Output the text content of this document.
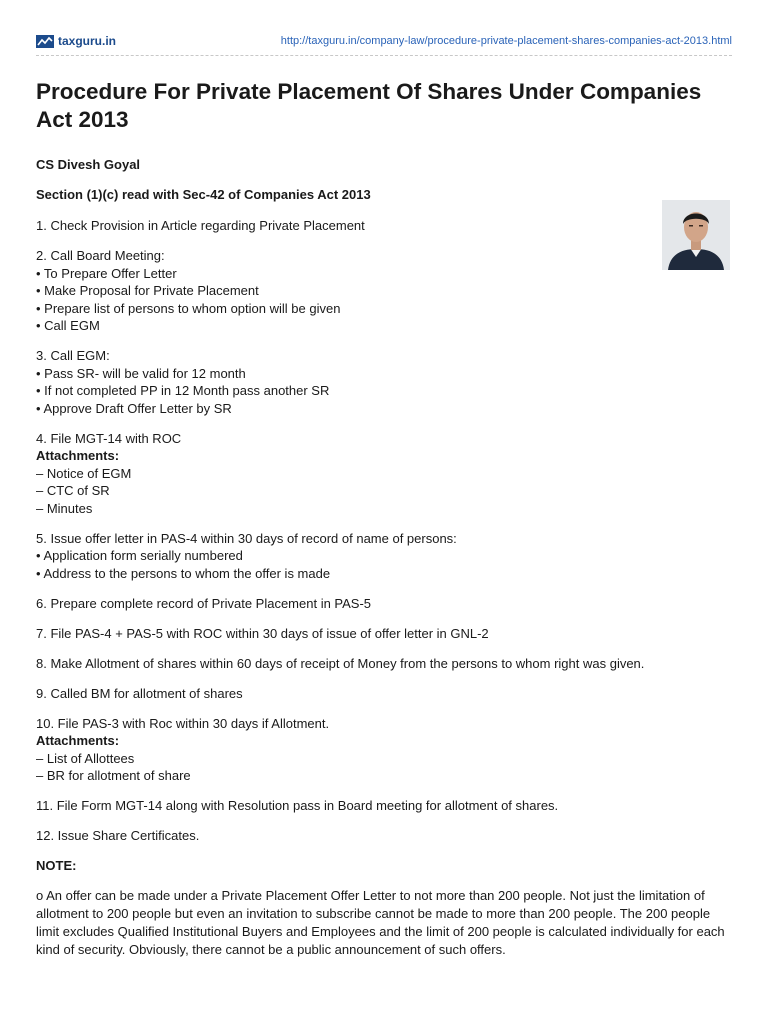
taxguru.in	http://taxguru.in/company-law/procedure-private-placement-shares-companies-act-2013.html
Procedure For Private Placement Of Shares Under Companies Act 2013
CS Divesh Goyal
Section (1)(c) read with Sec-42 of Companies Act 2013

1. Check Provision in Article regarding Private Placement

2. Call Board Meeting:
• To Prepare Offer Letter
• Make Proposal for Private Placement
• Prepare list of persons to whom option will be given
• Call EGM

3. Call EGM:
• Pass SR- will be valid for 12 month
• If not completed PP in 12 Month pass another SR
• Approve Draft Offer Letter by SR

4. File MGT-14 with ROC
Attachments:
– Notice of EGM
– CTC of SR
– Minutes

5. Issue offer letter in PAS-4 within 30 days of record of name of persons:
• Application form serially numbered
• Address to the persons to whom the offer is made

6. Prepare complete record of Private Placement in PAS-5

7. File PAS-4 + PAS-5 with ROC within 30 days of issue of offer letter in GNL-2

8. Make Allotment of shares within 60 days of receipt of Money from the persons to whom right was given.

9. Called BM for allotment of shares

10. File PAS-3 with Roc within 30 days if Allotment.
Attachments:
– List of Allottees
– BR for allotment of share

11. File Form MGT-14 along with Resolution pass in Board meeting for allotment of shares.

12. Issue Share Certificates.

NOTE:

o An offer can be made under a Private Placement Offer Letter to not more than 200 people. Not just the limitation of allotment to 200 people but even an invitation to subscribe cannot be made to more than 200 people. The 200 people limit excludes Qualified Institutional Buyers and Employees and the limit of 200 people is calculated individually for each kind of security. Obviously, there cannot be a public announcement of such offers.
